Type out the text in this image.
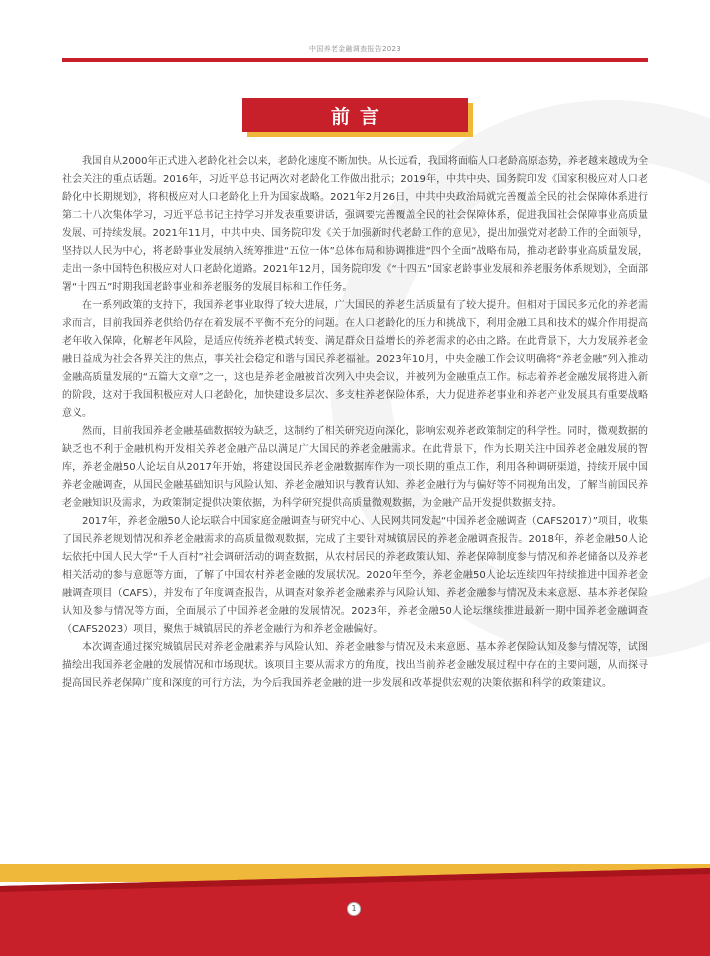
中国养老金融调查报告2023
前言

我国自从2000年正式进入老龄化社会以来，老龄化速度不断加快。从长远看，我国将面临人口老龄高原态势，养老越来越成为全社会关注的重点话题。2016年，习近平总书记两次对老龄化工作做出批示；2019年，中共中央、国务院印发《国家积极应对人口老龄化中长期规划》，将积极应对人口老龄化上升为国家战略。2021年2月26日，中共中央政治局就完善覆盖全民的社会保障体系进行第二十八次集体学习，习近平总书记主持学习并发表重要讲话，强调要完善覆盖全民的社会保障体系，促进我国社会保障事业高质量发展、可持续发展。2021年11月，中共中央、国务院印发《关于加强新时代老龄工作的意见》，提出加强党对老龄工作的全面领导，坚持以人民为中心，将老龄事业发展纳入统筹推进“五位一体”总体布局和协调推进“四个全面”战略布局，推动老龄事业高质量发展，走出一条中国特色积极应对人口老龄化道路。2021年12月，国务院印发《“十四五”国家老龄事业发展和养老服务体系规划》，全面部署“十四五”时期我国老龄事业和养老服务的发展目标和工作任务。

在一系列政策的支持下，我国养老事业取得了较大进展，广大国民的养老生活质量有了较大提升。但相对于国民多元化的养老需求而言，目前我国养老供给仍存在着发展不平衡不充分的问题。在人口老龄化的压力和挑战下，利用金融工具和技术的媒介作用提高老年收入保障，化解老年风险，是适应传统养老模式转变、满足群众日益增长的养老需求的必由之路。在此背景下，大力发展养老金融日益成为社会各界关注的焦点，事关社会稳定和谐与国民养老福祉。2023年10月，中央金融工作会议明确将“养老金融”列入推动金融高质量发展的“五篇大文章”之一，这也是养老金融被首次列入中央会议，并被列为金融重点工作。标志着养老金融发展将进入新的阶段，这对于我国积极应对人口老龄化，加快建设多层次、多支柱养老保险体系，大力促进养老事业和养老产业发展具有重要战略意义。

然而，目前我国养老金融基础数据较为缺乏，这制约了相关研究迈向深化，影响宏观养老政策制定的科学性。同时，微观数据的缺乏也不利于金融机构开发相关养老金融产品以满足广大国民的养老金融需求。在此背景下，作为长期关注中国养老金融发展的智库，养老金融50人论坛自从2017年开始，将建设国民养老金融数据库作为一项长期的重点工作，利用各种调研渠道，持续开展中国养老金融调查，从国民金融基础知识与风险认知、养老金融知识与教育认知、养老金融行为与偏好等不同视角出发，了解当前国民养老金融知识及需求，为政策制定提供决策依据，为科学研究提供高质量微观数据，为金融产品开发提供数据支持。

2017年，养老金融50人论坛联合中国家庭金融调查与研究中心、人民网共同发起“中国养老金融调查（CAFS2017）”项目，收集了国民养老规划情况和养老金融需求的高质量微观数据，完成了主要针对城镇居民的养老金融调查报告。2018年，养老金融50人论坛依托中国人民大学“千人百村”社会调研活动的调查数据，从农村居民的养老政策认知、养老保障制度参与情况和养老储备以及养老相关活动的参与意愿等方面，了解了中国农村养老金融的发展状况。2020年至今，养老金融50人论坛连续四年持续推进中国养老金融调查项目（CAFS），并发布了年度调查报告，从调查对象养老金融素养与风险认知、养老金融参与情况及未来意愿、基本养老保险认知及参与情况等方面，全面展示了中国养老金融的发展情况。2023年，养老金融50人论坛继续推进最新一期中国养老金融调查（CAFS2023）项目，聚焦于城镇居民的养老金融行为和养老金融偏好。

本次调查通过探究城镇居民对养老金融素养与风险认知、养老金融参与情况及未来意愿、基本养老保险认知及参与情况等，试图描绘出我国养老金融的发展情况和市场现状。该项目主要从需求方的角度，找出当前养老金融发展过程中存在的主要问题，从而探寻提高国民养老保障广度和深度的可行方法，为今后我国养老金融的进一步发展和改革提供宏观的决策依据和科学的政策建议。

1
